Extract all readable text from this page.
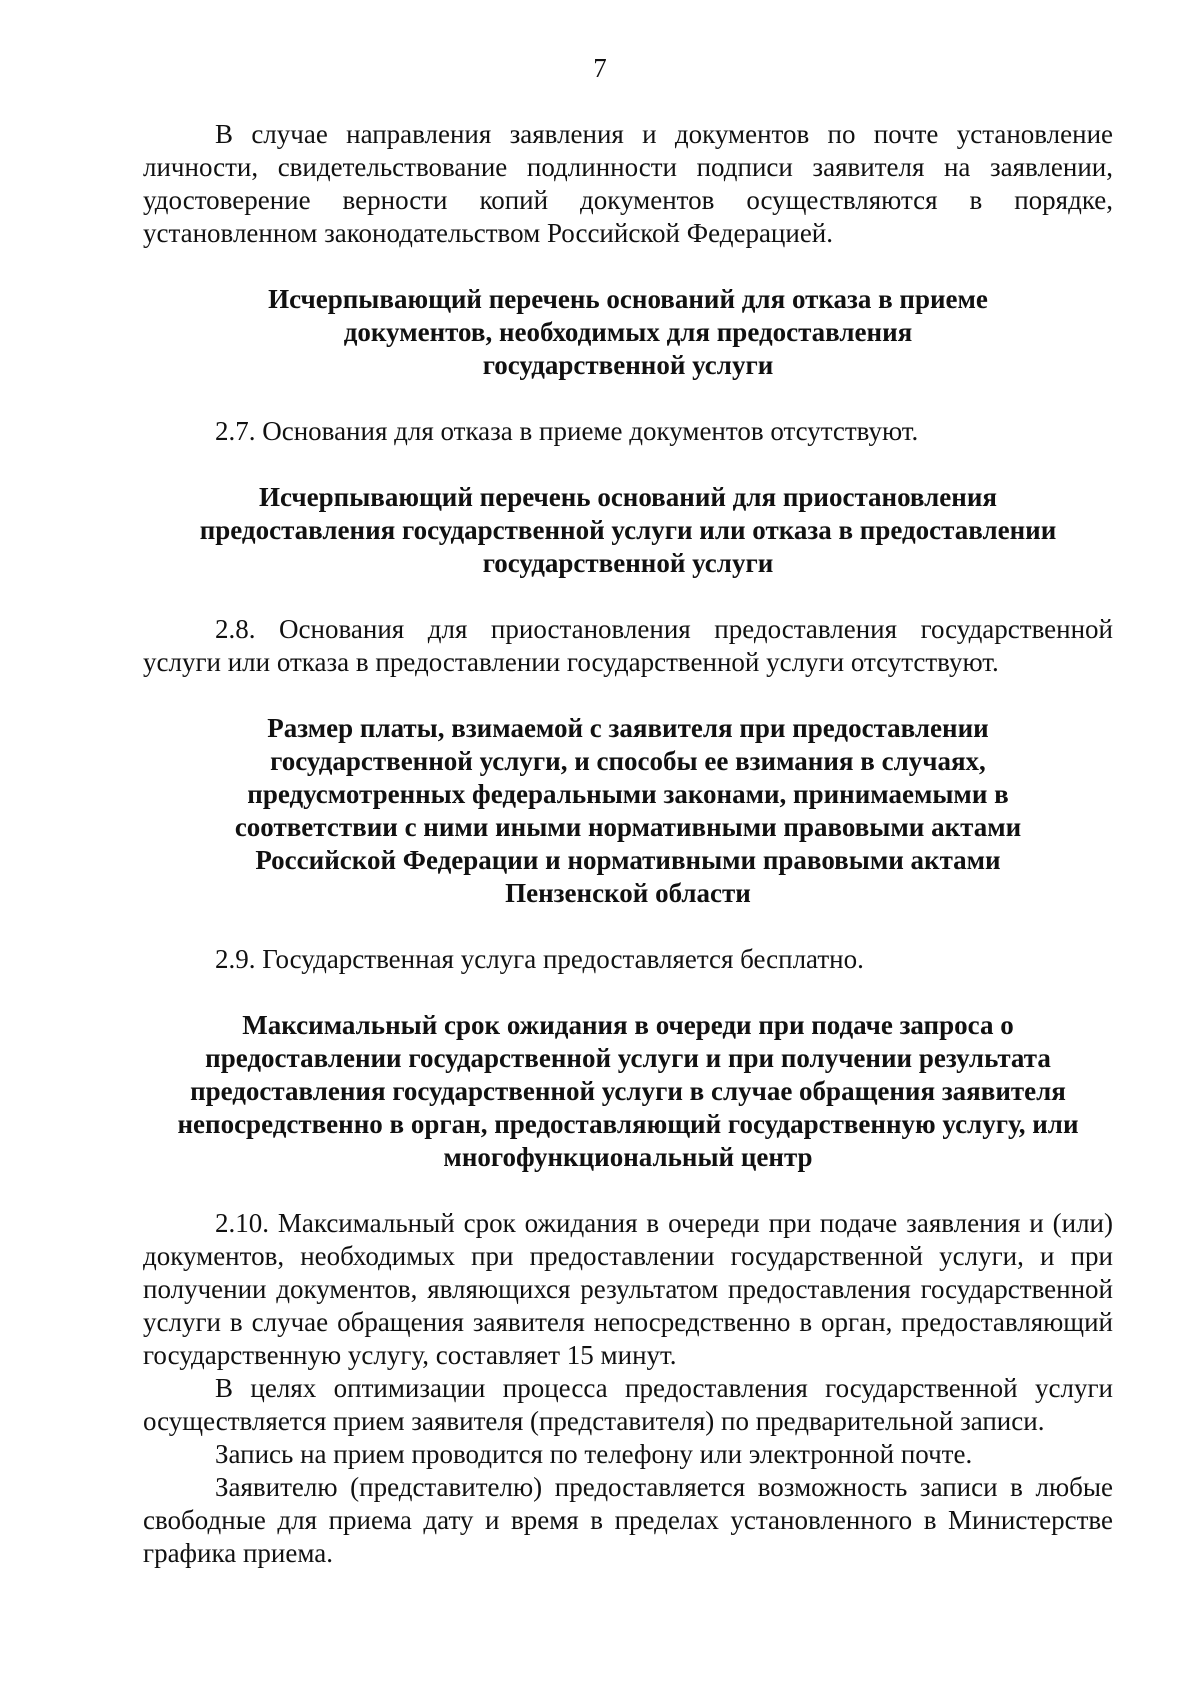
7

В случае направления заявления и документов по почте установление личности, свидетельствование подлинности подписи заявителя на заявлении, удостоверение верности копий документов осуществляются в порядке, установленном законодательством Российской Федерацией.

Исчерпывающий перечень оснований для отказа в приеме
документов, необходимых для предоставления
государственной услуги

2.7. Основания для отказа в приеме документов отсутствуют.

Исчерпывающий перечень оснований для приостановления
предоставления государственной услуги или отказа в предоставлении
государственной услуги

2.8. Основания для приостановления предоставления государственной услуги или отказа в предоставлении государственной услуги отсутствуют.

Размер платы, взимаемой с заявителя при предоставлении
государственной услуги, и способы ее взимания в случаях,
предусмотренных федеральными законами, принимаемыми в
соответствии с ними иными нормативными правовыми актами
Российской Федерации и нормативными правовыми актами
Пензенской области

2.9. Государственная услуга предоставляется бесплатно.

Максимальный срок ожидания в очереди при подаче запроса о
предоставлении государственной услуги и при получении результата
предоставления государственной услуги в случае обращения заявителя
непосредственно в орган, предоставляющий государственную услугу, или
многофункциональный центр

2.10. Максимальный срок ожидания в очереди при подаче заявления и (или) документов, необходимых при предоставлении государственной услуги, и при получении документов, являющихся результатом предоставления государственной услуги в случае обращения заявителя непосредственно в орган, предоставляющий государственную услугу, составляет 15 минут.

В целях оптимизации процесса предоставления государственной услуги осуществляется прием заявителя (представителя) по предварительной записи.

Запись на прием проводится по телефону или электронной почте.

Заявителю (представителю) предоставляется возможность записи в любые свободные для приема дату и время в пределах установленного в Министерстве графика приема.
